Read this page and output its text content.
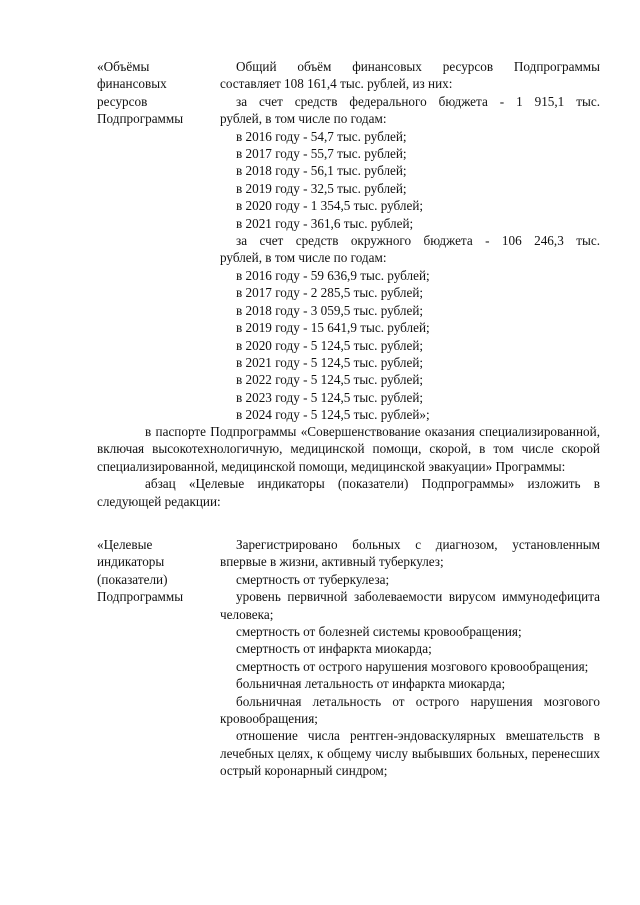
«Объёмы
финансовых
ресурсов
Подпрограммы

Общий объём финансовых ресурсов Подпрограммы

составляет 108 161,4 тыс. рублей, из них:

за счет средств федерального бюджета - 1 915,1 тыс.

рублей, в том числе по годам:

в 2016 году - 54,7 тыс. рублей;

в 2017 году - 55,7 тыс. рублей;

в 2018 году - 56,1 тыс. рублей;

в 2019 году - 32,5 тыс. рублей;

в 2020 году - 1 354,5 тыс. рублей;

в 2021 году - 361,6 тыс. рублей;

за счет средств окружного бюджета - 106 246,3 тыс.

рублей, в том числе по годам:

в 2016 году - 59 636,9 тыс. рублей;

в 2017 году - 2 285,5 тыс. рублей;

в 2018 году - 3 059,5 тыс. рублей;

в 2019 году - 15 641,9 тыс. рублей;

в 2020 году - 5 124,5 тыс. рублей;

в 2021 году - 5 124,5 тыс. рублей;

в 2022 году - 5 124,5 тыс. рублей;

в 2023 году - 5 124,5 тыс. рублей;

в 2024 году - 5 124,5 тыс. рублей»;

в паспорте Подпрограммы «Совершенствование оказания специализированной, включая высокотехнологичную, медицинской помощи, скорой, в том числе скорой специализированной, медицинской помощи, медицинской эвакуации» Программы:

абзац «Целевые индикаторы (показатели) Подпрограммы» изложить в следующей редакции:

«Целевые
индикаторы
(показатели)
Подпрограммы

Зарегистрировано больных с диагнозом, установленным впервые в жизни, активный туберкулез;

смертность от туберкулеза;

уровень первичной заболеваемости вирусом иммунодефицита человека;

смертность от болезней системы кровообращения;

смертность от инфаркта миокарда;

смертность от острого нарушения мозгового кровообращения;

больничная летальность от инфаркта миокарда;

больничная летальность от острого нарушения мозгового кровообращения;

отношение числа рентген-эндоваскулярных вмешательств в лечебных целях, к общему числу выбывших больных, перенесших острый коронарный синдром;
